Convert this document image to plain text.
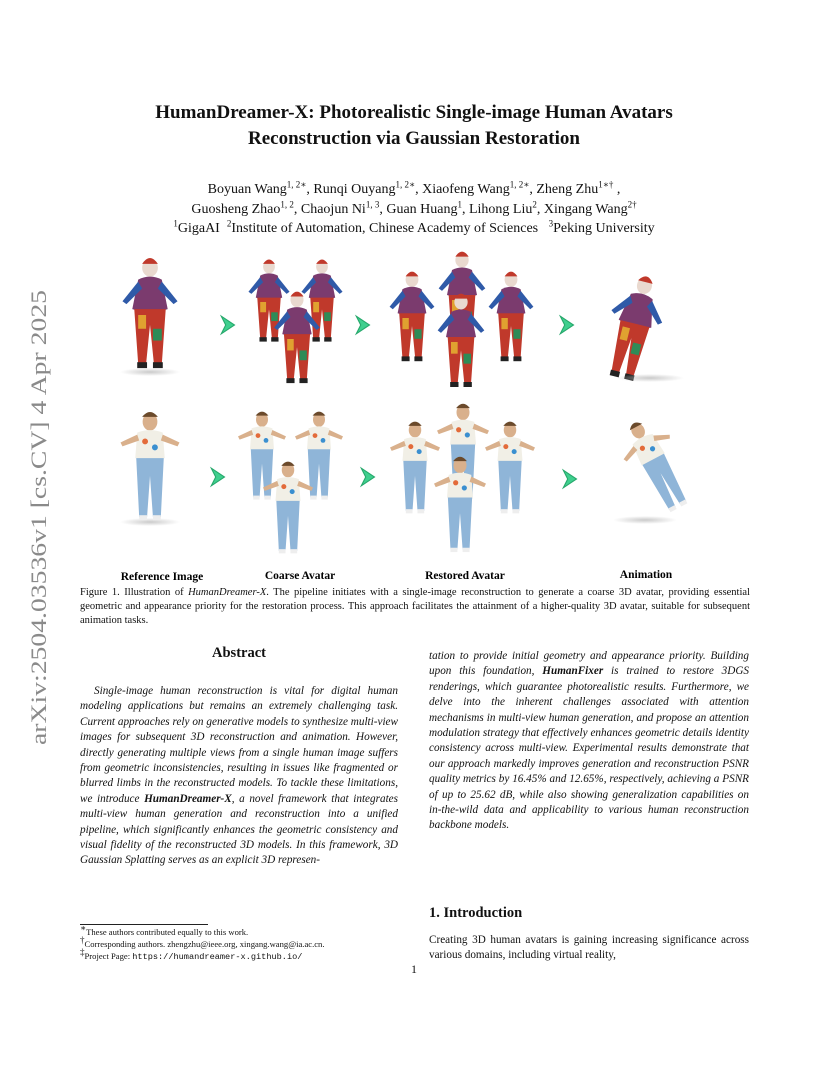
HumanDreamer-X: Photorealistic Single-image Human Avatars
Reconstruction via Gaussian Restoration
Boyuan Wang$^{1, 2∗}$, Runqi Ouyang$^{1, 2∗}$, Xiaofeng Wang$^{1, 2∗}$, Zheng Zhu$^{1∗\dagger}$ ,
Guosheng Zhao$^{1, 2}$, Chaojun Ni$^{1, 3}$, Guan Huang$^1$, Lihong Liu$^2$, Xingang Wang$^{2\dagger}$
$^1$GigaAI $^2$Institute of Automation, Chinese Academy of Sciences $^3$Peking University
arXiv:2504.03536v1 [cs.CV] 4 Apr 2025	Reference Image	Coarse Avatar	Restored Avatar	Animation
Figure 1. Illustration of HumanDreamer-X. The pipeline initiates with a single-image reconstruction to generate a coarse 3D avatar, providing essential geometric and appearance priority for the restoration process. This approach facilitates the attainment of a higher-quality 3D avatar, suitable for subsequent animation tasks.
Abstract
Single-image human reconstruction is vital for digital human modeling applications but remains an extremely challenging task. Current approaches rely on generative models to synthesize multi-view images for subsequent 3D reconstruction and animation. However, directly generating multiple views from a single human image suffers from geometric inconsistencies, resulting in issues like fragmented or blurred limbs in the reconstructed models. To tackle these limitations, we introduce HumanDreamer-X, a novel framework that integrates multi-view human generation and reconstruction into a unified pipeline, which significantly enhances the geometric consistency and visual fidelity of the reconstructed 3D models. In this framework, 3D Gaussian Splatting serves as an explicit 3D represen-
tation to provide initial geometry and appearance priority. Building upon this foundation, HumanFixer is trained to restore 3DGS renderings, which guarantee photorealistic results. Furthermore, we delve into the inherent challenges associated with attention mechanisms in multi-view human generation, and propose an attention modulation strategy that effectively enhances geometric details identity consistency across multi-view. Experimental results demonstrate that our approach markedly improves generation and reconstruction PSNR quality metrics by 16.45% and 12.65%, respectively, achieving a PSNR of up to 25.62 dB, while also showing generalization capabilities on in-the-wild data and applicability to various human reconstruction backbone models.
1. Introduction
Creating 3D human avatars is gaining increasing significance across various domains, including virtual reality,
∗These authors contributed equally to this work.
†Corresponding authors. zhengzhu@ieee.org, xingang.wang@ia.ac.cn.
‡Project Page: https://humandreamer-x.github.io/
1
